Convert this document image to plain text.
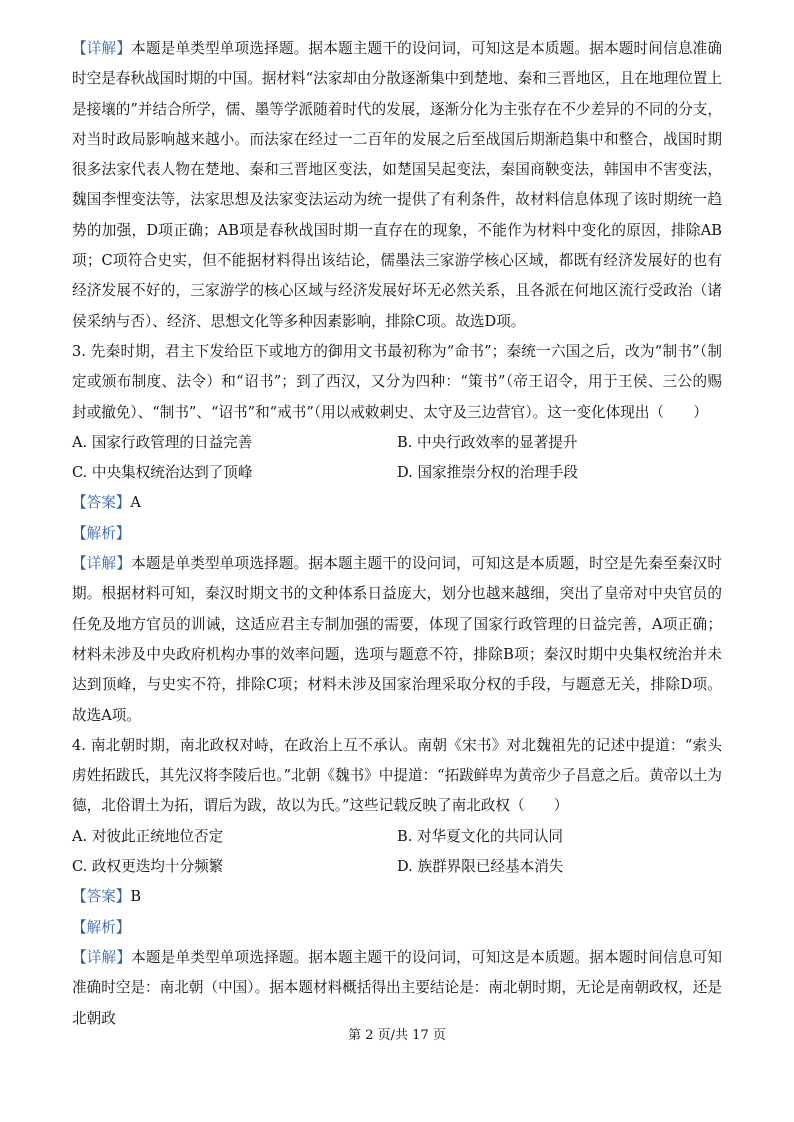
【详解】本题是单类型单项选择题。据本题主题干的设问词，可知这是本质题。据本题时间信息准确时空是春秋战国时期的中国。据材料“法家却由分散逐渐集中到楚地、秦和三晋地区，且在地理位置上是接壤的”并结合所学，儒、墨等学派随着时代的发展，逐渐分化为主张存在不少差异的不同的分支，对当时政局影响越来越小。而法家在经过一二百年的发展之后至战国后期渐趋集中和整合，战国时期很多法家代表人物在楚地、秦和三晋地区变法，如楚国吴起变法，秦国商鞅变法，韩国申不害变法，魏国李悝变法等，法家思想及法家变法运动为统一提供了有利条件，故材料信息体现了该时期统一趋势的加强，D项正确；AB项是春秋战国时期一直存在的现象，不能作为材料中变化的原因，排除AB项；C项符合史实，但不能据材料得出该结论，儒墨法三家游学核心区域，都既有经济发展好的也有经济发展不好的，三家游学的核心区域与经济发展好坏无必然关系，且各派在何地区流行受政治（诸侯采纳与否）、经济、思想文化等多种因素影响，排除C项。故选D项。

3. 先秦时期，君主下发给臣下或地方的御用文书最初称为“命书”；秦统一六国之后，改为“制书”（制定或颁布制度、法令）和“诏书”；到了西汉，又分为四种：“策书”（帝王诏令，用于王侯、三公的赐封或撤免）、“制书”、“诏书”和“戒书”（用以戒敕刺史、太守及三边营官）。这一变化体现出（　　）

A. 国家行政管理的日益完善	B. 中央行政效率的显著提升
C. 中央集权统治达到了顶峰	D. 国家推崇分权的治理手段

【答案】A

【解析】

【详解】本题是单类型单项选择题。据本题主题干的设问词，可知这是本质题，时空是先秦至秦汉时期。根据材料可知，秦汉时期文书的文种体系日益庞大，划分也越来越细，突出了皇帝对中央官员的任免及地方官员的训诫，这适应君主专制加强的需要，体现了国家行政管理的日益完善，A项正确；材料未涉及中央政府机构办事的效率问题，选项与题意不符，排除B项；秦汉时期中央集权统治并未达到顶峰，与史实不符，排除C项；材料未涉及国家治理采取分权的手段，与题意无关，排除D项。故选A项。

4. 南北朝时期，南北政权对峙，在政治上互不承认。南朝《宋书》对北魏祖先的记述中提道：“索头虏姓拓跋氏，其先汉将李陵后也。”北朝《魏书》中提道：“拓跋鲜卑为黄帝少子昌意之后。黄帝以土为德，北俗谓土为拓，谓后为跋，故以为氏。”这些记载反映了南北政权（　　）

A. 对彼此正统地位否定	B. 对华夏文化的共同认同
C. 政权更迭均十分频繁	D. 族群界限已经基本消失

【答案】B

【解析】

【详解】本题是单类型单项选择题。据本题主题干的设问词，可知这是本质题。据本题时间信息可知准确时空是：南北朝（中国）。据本题材料概括得出主要结论是：南北朝时期，无论是南朝政权，还是北朝政

第 2 页/共 17 页
